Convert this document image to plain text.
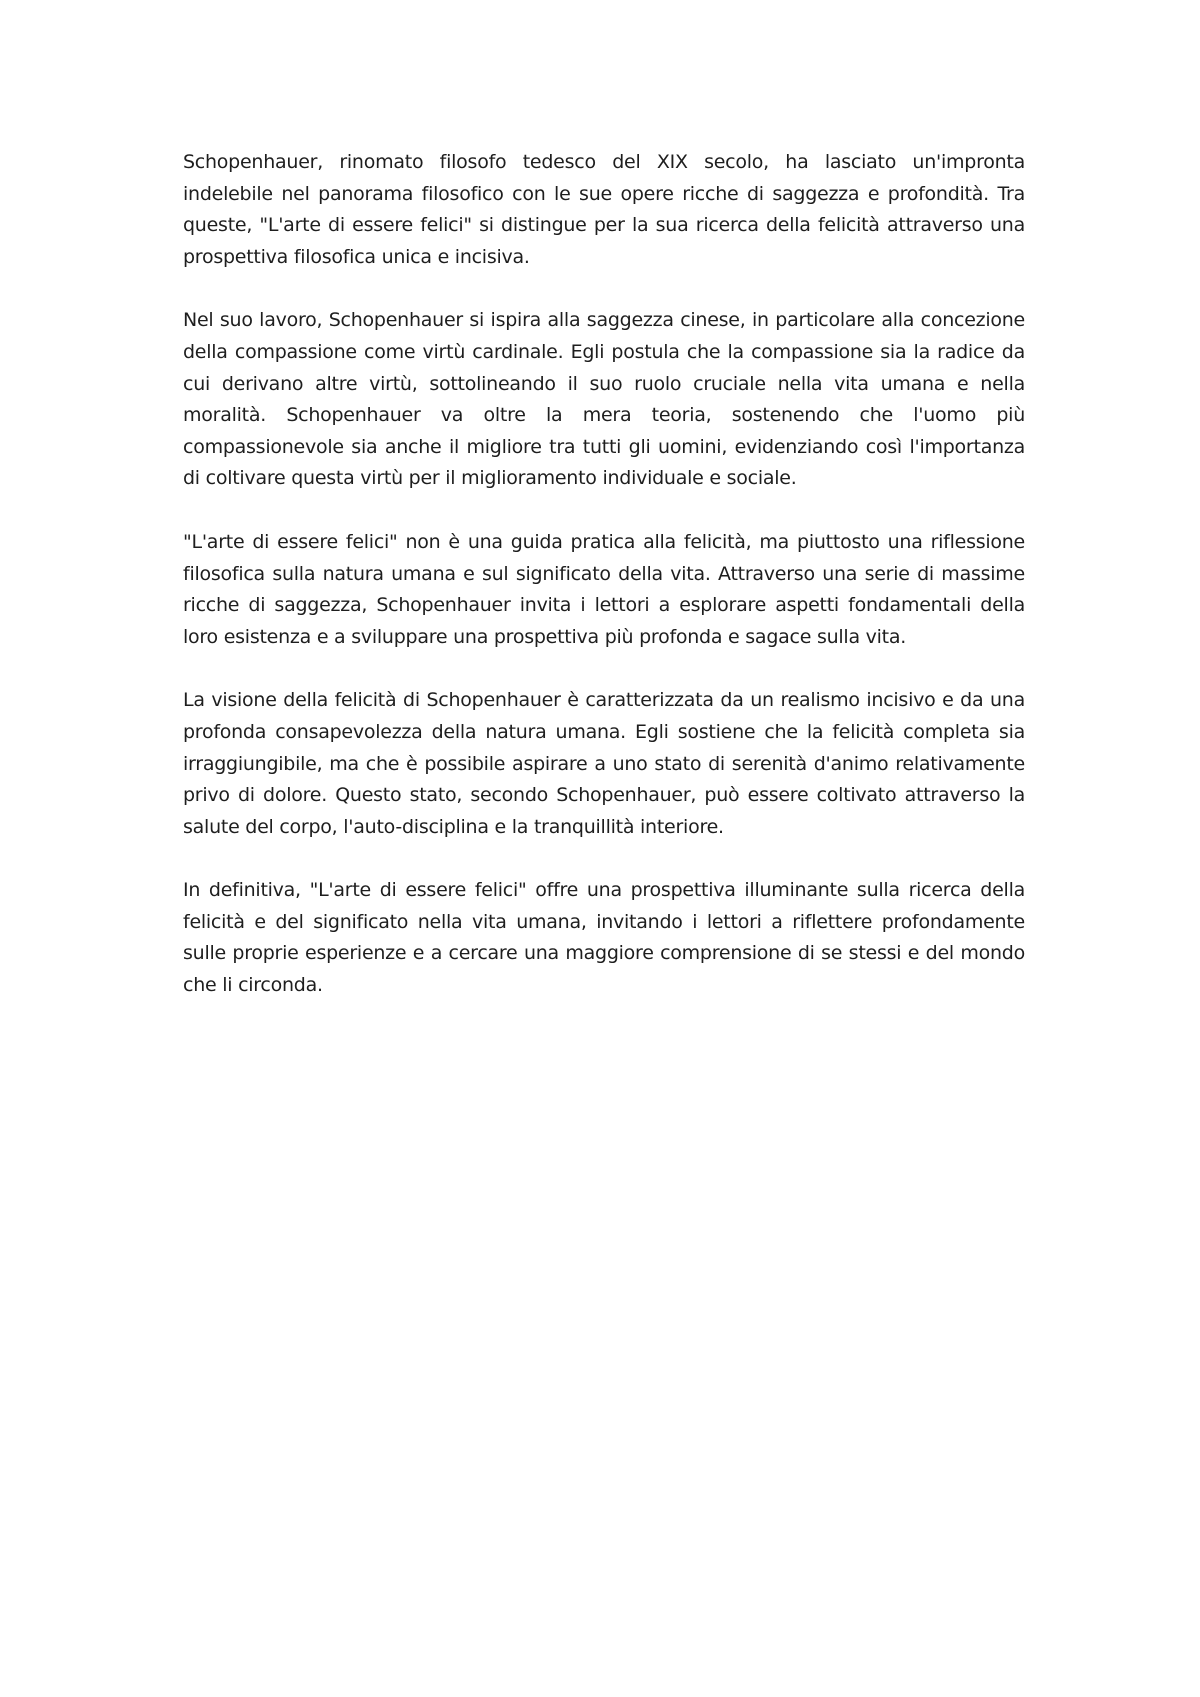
Schopenhauer, rinomato filosofo tedesco del XIX secolo, ha lasciato un'impronta indelebile nel panorama filosofico con le sue opere ricche di saggezza e profondità. Tra queste, "L'arte di essere felici" si distingue per la sua ricerca della felicità attraverso una prospettiva filosofica unica e incisiva.

Nel suo lavoro, Schopenhauer si ispira alla saggezza cinese, in particolare alla concezione della compassione come virtù cardinale. Egli postula che la compassione sia la radice da cui derivano altre virtù, sottolineando il suo ruolo cruciale nella vita umana e nella moralità. Schopenhauer va oltre la mera teoria, sostenendo che l'uomo più compassionevole sia anche il migliore tra tutti gli uomini, evidenziando così l'importanza di coltivare questa virtù per il miglioramento individuale e sociale.

"L'arte di essere felici" non è una guida pratica alla felicità, ma piuttosto una riflessione filosofica sulla natura umana e sul significato della vita. Attraverso una serie di massime ricche di saggezza, Schopenhauer invita i lettori a esplorare aspetti fondamentali della loro esistenza e a sviluppare una prospettiva più profonda e sagace sulla vita.

La visione della felicità di Schopenhauer è caratterizzata da un realismo incisivo e da una profonda consapevolezza della natura umana. Egli sostiene che la felicità completa sia irraggiungibile, ma che è possibile aspirare a uno stato di serenità d'animo relativamente privo di dolore. Questo stato, secondo Schopenhauer, può essere coltivato attraverso la salute del corpo, l'auto-disciplina e la tranquillità interiore.

In definitiva, "L'arte di essere felici" offre una prospettiva illuminante sulla ricerca della felicità e del significato nella vita umana, invitando i lettori a riflettere profondamente sulle proprie esperienze e a cercare una maggiore comprensione di se stessi e del mondo che li circonda.
